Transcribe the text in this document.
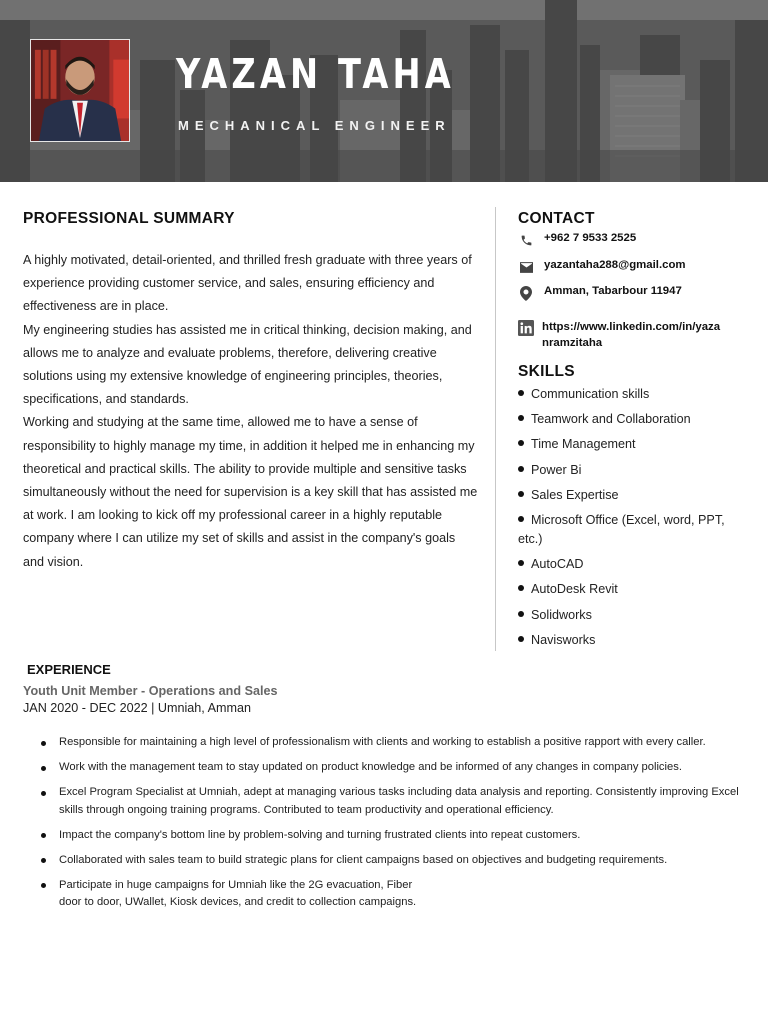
YAZAN TAHA
MECHANICAL ENGINEER
PROFESSIONAL SUMMARY

A highly motivated, detail-oriented, and thrilled fresh graduate with three years of experience providing customer service, and sales, ensuring efficiency and effectiveness are in place.

My engineering studies has assisted me in critical thinking, decision making, and allows me to analyze and evaluate problems, therefore, delivering creative solutions using my extensive knowledge of engineering principles, theories, specifications, and standards.

Working and studying at the same time, allowed me to have a sense of responsibility to highly manage my time, in addition it helped me in enhancing my theoretical and practical skills. The ability to provide multiple and sensitive tasks simultaneously without the need for supervision is a key skill that has assisted me at work. I am looking to kick off my professional career in a highly reputable company where I can utilize my set of skills and assist in the company's goals and vision.

CONTACT
+962 7 9533 2525
yazantaha288@gmail.com
Amman, Tabarbour 11947
https://www.linkedin.com/in/yazanramzitaha
SKILLS
Communication skills
Teamwork and Collaboration
Time Management
Power Bi
Sales Expertise
Microsoft Office (Excel, word, PPT, etc.)
AutoCAD
AutoDesk Revit
Solidworks
Navisworks
EXPERIENCE
Youth Unit Member - Operations and Sales
JAN 2020 - DEC 2022 | Umniah, Amman
Responsible for maintaining a high level of professionalism with clients and working to establish a positive rapport with every caller.
Work with the management team to stay updated on product knowledge and be informed of any changes in company policies.
Excel Program Specialist at Umniah, adept at managing various tasks including data analysis and reporting. Consistently improving Excel skills through ongoing training programs. Contributed to team productivity and operational efficiency.
Impact the company's bottom line by problem-solving and turning frustrated clients into repeat customers.
Collaborated with sales team to build strategic plans for client campaigns based on objectives and budgeting requirements.
Participate in huge campaigns for Umniah like the 2G evacuation, Fiber door to door, UWallet, Kiosk devices, and credit to collection campaigns.
